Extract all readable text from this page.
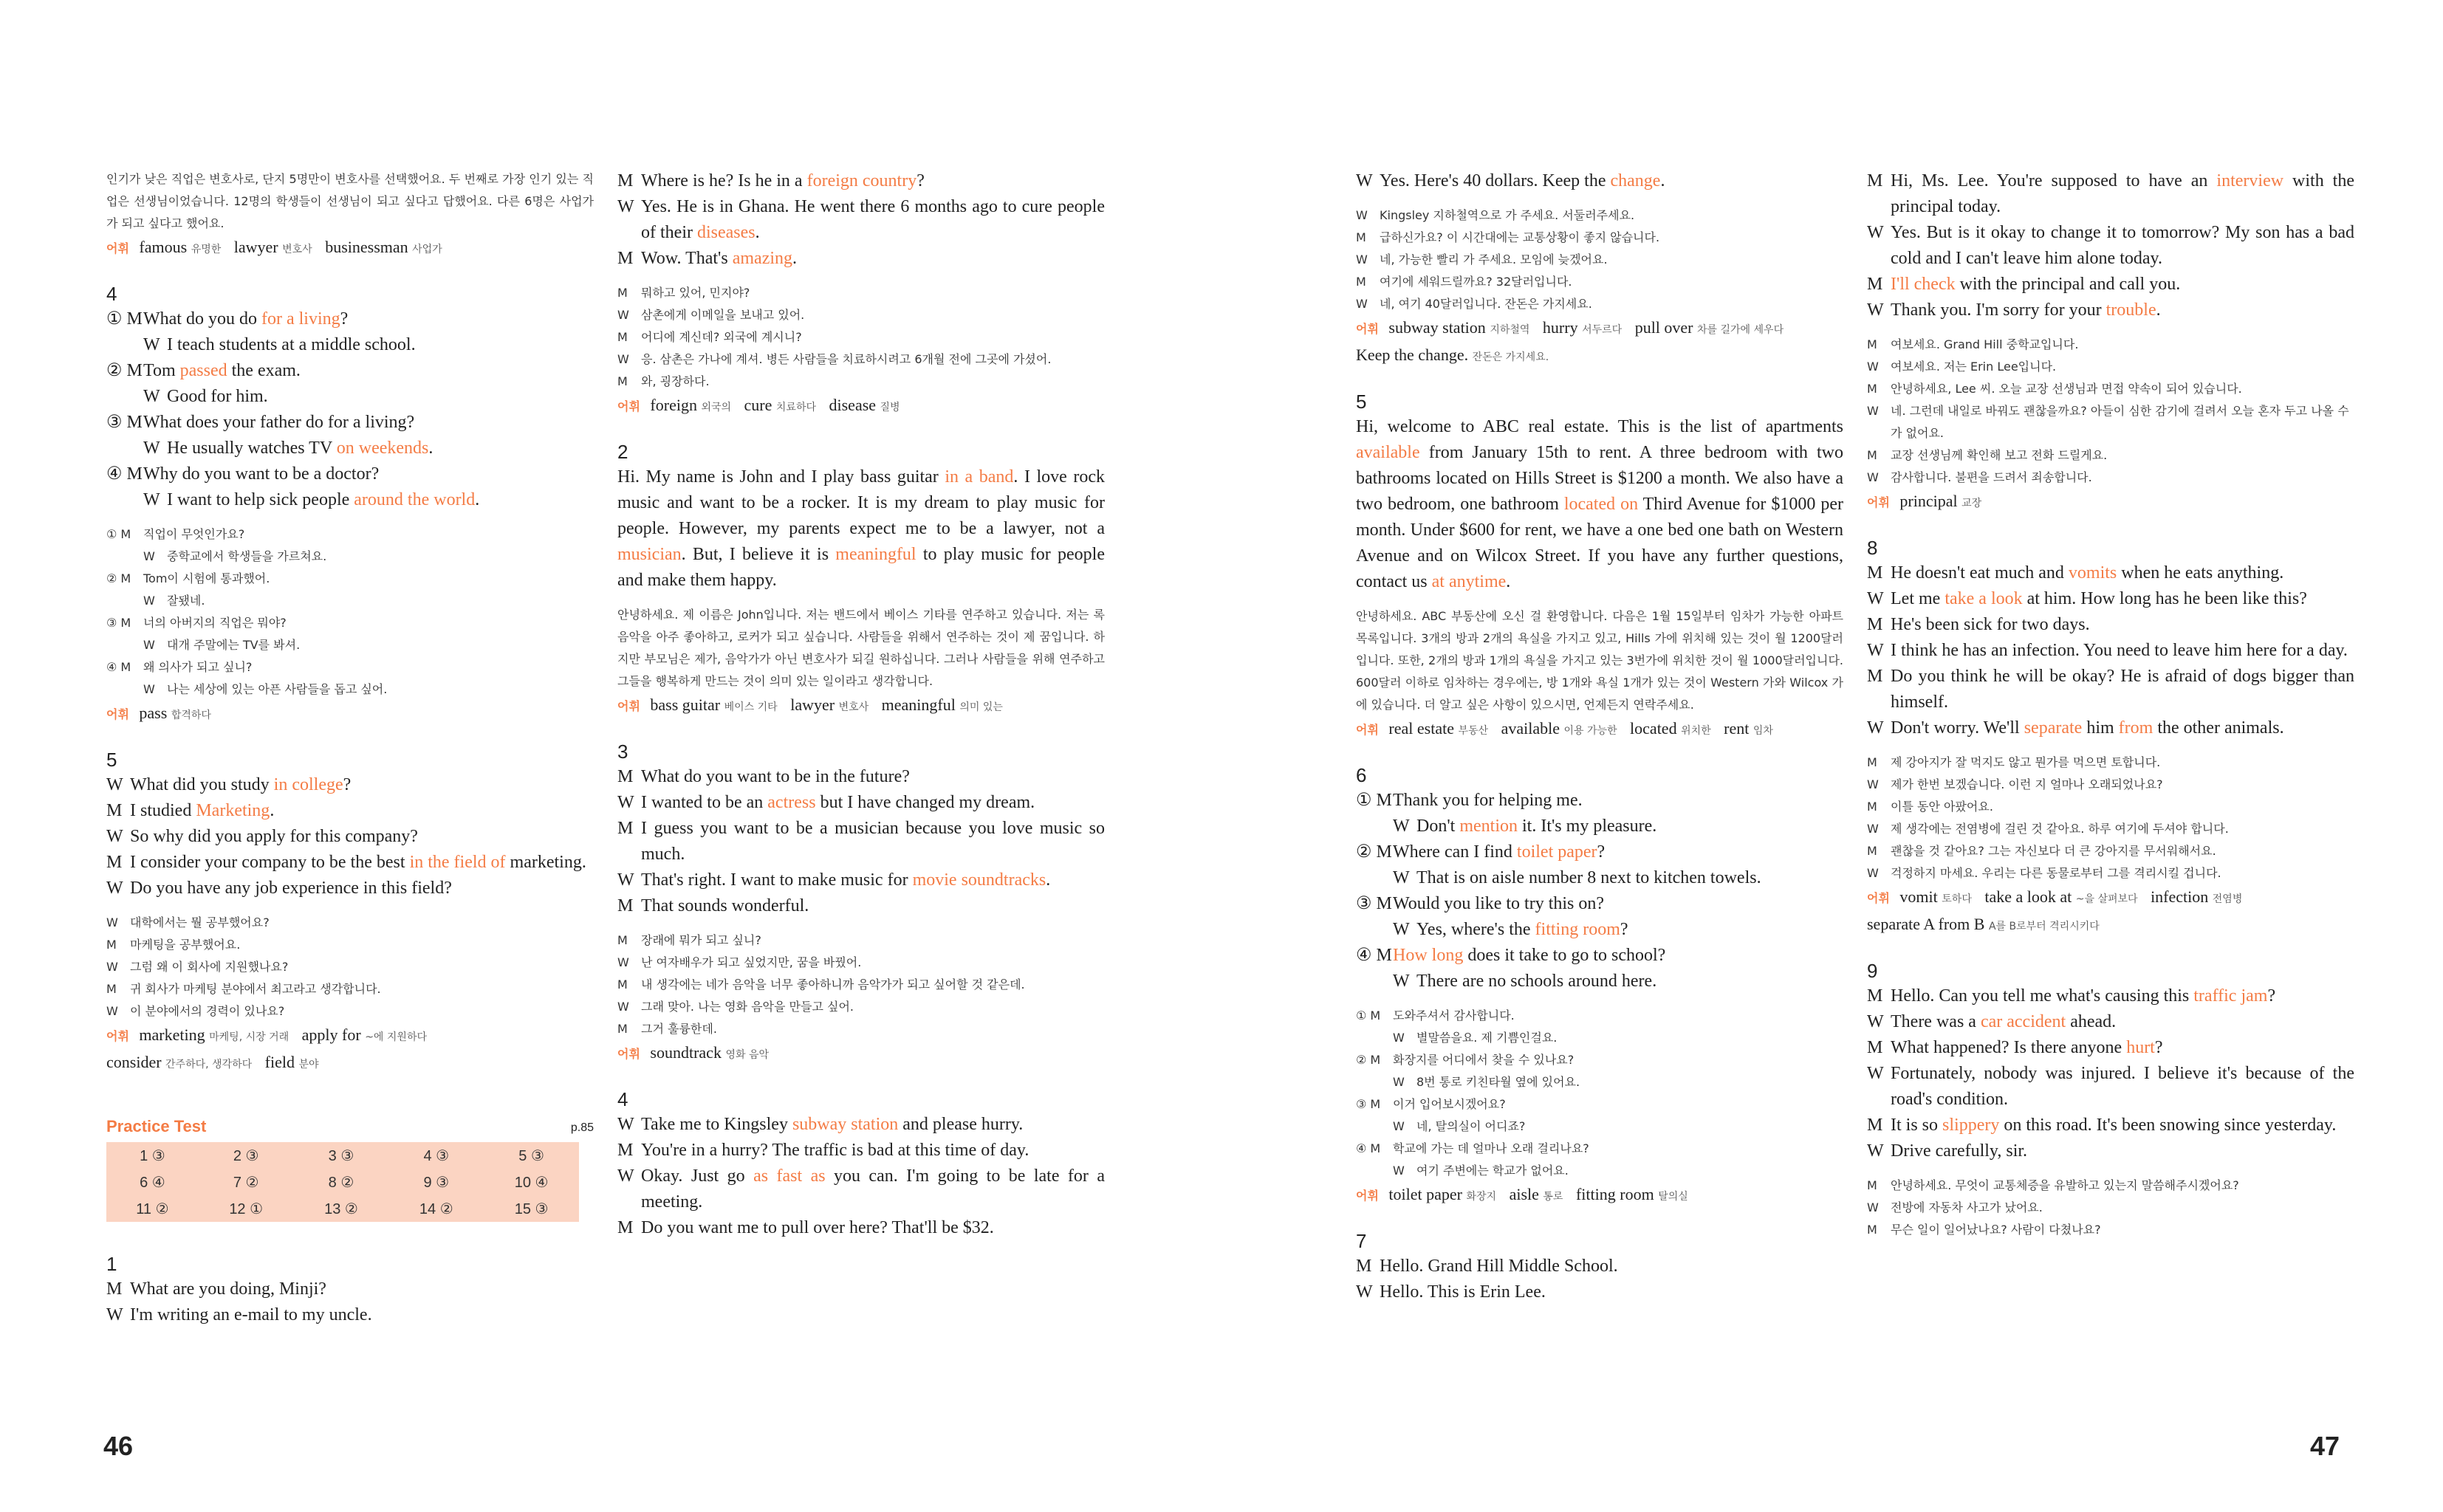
인기가 낮은 직업은 변호사로, 단지 5명만이 변호사를 선택했어요. 두 번째로 가장 인기 있는 직업은 선생님이었습니다. 12명의 학생들이 선생님이 되고 싶다고 답했어요. 다른 6명은 사업가가 되고 싶다고 했어요.
어휘 famous 유명한 lawyer 변호사 businessman 사업가
4
① M What do you do for a living?
W I teach students at a middle school.
② M Tom passed the exam.
W Good for him.
③ M What does your father do for a living?
W He usually watches TV on weekends.
④ M Why do you want to be a doctor?
W I want to help sick people around the world.
① M	직업이 무엇인가요?
W	중학교에서 학생들을 가르쳐요.
② M	Tom이 시험에 통과했어.
W	잘됐네.
③ M	너의 아버지의 직업은 뭐야?
W	대개 주말에는 TV를 봐셔.
④ M	왜 의사가 되고 싶니?
W	나는 세상에 있는 아픈 사람들을 돕고 싶어.
어휘 pass 합격하다
5
W What did you study in college?
M I studied Marketing.
W So why did you apply for this company?
M I consider your company to be the best in the field of marketing.
W Do you have any job experience in this field?
W	대학에서는 뭘 공부했어요?
M	마케팅을 공부했어요.
W	그럼 왜 이 회사에 지원했나요?
M	귀 회사가 마케팅 분야에서 최고라고 생각합니다.
W	이 분야에서의 경력이 있나요?
어휘 marketing 마케팅, 시장 거래 apply for ~에 지원하다
consider 간주하다, 생각하다 field 분야
Practice Test	p.85
1 ③	2 ③	3 ③	4 ③	5 ③
6 ④	7 ②	8 ②	9 ③	10 ④
11 ②	12 ①	13 ②	14 ②	15 ③
1
M What are you doing, Minji?
W I'm writing an e-mail to my uncle.
M Where is he? Is he in a foreign country?
W Yes. He is in Ghana. He went there 6 months ago to cure people of their diseases.
M Wow. That's amazing.
M	뭐하고 있어, 민지야?
W	삼촌에게 이메일을 보내고 있어.
M	어디에 계신데? 외국에 계시니?
W	응. 삼촌은 가나에 계셔. 병든 사람들을 치료하시려고 6개월 전에 그곳에 가셨어.
M	와, 굉장하다.
어휘 foreign 외국의 cure 치료하다 disease 질병
2
Hi. My name is John and I play bass guitar in a band. I love rock music and want to be a rocker. It is my dream to play music for people. However, my parents expect me to be a lawyer, not a musician. But, I believe it is meaningful to play music for people and make them happy.
안녕하세요. 제 이름은 John입니다. 저는 밴드에서 베이스 기타를 연주하고 있습니다. 저는 록 음악을 아주 좋아하고, 로커가 되고 싶습니다. 사람들을 위해서 연주하는 것이 제 꿈입니다. 하지만 부모님은 제가, 음악가가 아닌 변호사가 되길 원하십니다. 그러나 사람들을 위해 연주하고 그들을 행복하게 만드는 것이 의미 있는 일이라고 생각합니다.
어휘 bass guitar 베이스 기타 lawyer 변호사 meaningful 의미 있는
3
M What do you want to be in the future?
W I wanted to be an actress but I have changed my dream.
M I guess you want to be a musician because you love music so much.
W That's right. I want to make music for movie soundtracks.
M That sounds wonderful.
M	장래에 뭐가 되고 싶니?
W	난 여자배우가 되고 싶었지만, 꿈을 바꿨어.
M	내 생각에는 네가 음악을 너무 좋아하니까 음악가가 되고 싶어할 것 같은데.
W	그래 맞아. 나는 영화 음악을 만들고 싶어.
M	그거 훌륭한데.
어휘 soundtrack 영화 음악
4
W Take me to Kingsley subway station and please hurry.
M You're in a hurry? The traffic is bad at this time of day.
W Okay. Just go as fast as you can. I'm going to be late for a meeting.
M Do you want me to pull over here? That'll be $32.
W Yes. Here's 40 dollars. Keep the change.
W	Kingsley 지하철역으로 가 주세요. 서둘러주세요.
M	급하신가요? 이 시간대에는 교통상황이 좋지 않습니다.
W	네, 가능한 빨리 가 주세요. 모임에 늦겠어요.
M	여기에 세워드릴까요? 32달러입니다.
W	네, 여기 40달러입니다. 잔돈은 가지세요.
어휘 subway station 지하철역 hurry 서두르다 pull over 차를 길가에 세우다
Keep the change. 잔돈은 가지세요.
5
Hi, welcome to ABC real estate. This is the list of apartments available from January 15th to rent. A three bedroom with two bathrooms located on Hills Street is $1200 a month. We also have a two bedroom, one bathroom located on Third Avenue for $1000 per month. Under $600 for rent, we have a one bed one bath on Western Avenue and on Wilcox Street. If you have any further questions, contact us at anytime.
안녕하세요. ABC 부동산에 오신 걸 환영합니다. 다음은 1월 15일부터 임차가 가능한 아파트 목록입니다. 3개의 방과 2개의 욕실을 가지고 있고, Hills 가에 위치해 있는 것이 월 1200달러입니다. 또한, 2개의 방과 1개의 욕실을 가지고 있는 3번가에 위치한 것이 월 1000달러입니다. 600달러 이하로 임차하는 경우에는, 방 1개와 욕실 1개가 있는 것이 Western 가와 Wilcox 가에 있습니다. 더 알고 싶은 사항이 있으시면, 언제든지 연락주세요.
어휘 real estate 부동산 available 이용 가능한 located 위치한 rent 임차
6
① M Thank you for helping me.
W Don't mention it. It's my pleasure.
② M Where can I find toilet paper?
W That is on aisle number 8 next to kitchen towels.
③ M Would you like to try this on?
W Yes, where's the fitting room?
④ M How long does it take to go to school?
W There are no schools around here.
① M	도와주셔서 감사합니다.
W	별말씀을요. 제 기쁨인걸요.
② M	화장지를 어디에서 찾을 수 있나요?
W	8번 통로 키친타월 옆에 있어요.
③ M	이거 입어보시겠어요?
W	네, 탈의실이 어디죠?
④ M	학교에 가는 데 얼마나 오래 걸리나요?
W	여기 주변에는 학교가 없어요.
어휘 toilet paper 화장지 aisle 통로 fitting room 탈의실
7
M Hello. Grand Hill Middle School.
W Hello. This is Erin Lee.
M Hi, Ms. Lee. You're supposed to have an interview with the principal today.
W Yes. But is it okay to change it to tomorrow? My son has a bad cold and I can't leave him alone today.
M I'll check with the principal and call you.
W Thank you. I'm sorry for your trouble.
M	여보세요. Grand Hill 중학교입니다.
W	여보세요. 저는 Erin Lee입니다.
M	안녕하세요, Lee 씨. 오늘 교장 선생님과 면접 약속이 되어 있습니다.
W	네. 그런데 내일로 바꿔도 괜찮을까요? 아들이 심한 감기에 걸려서 오늘 혼자 두고 나올 수가 없어요.
M	교장 선생님께 확인해 보고 전화 드릴게요.
W	감사합니다. 불편을 드려서 죄송합니다.
어휘 principal 교장
8
M He doesn't eat much and vomits when he eats anything.
W Let me take a look at him. How long has he been like this?
M He's been sick for two days.
W I think he has an infection. You need to leave him here for a day.
M Do you think he will be okay? He is afraid of dogs bigger than himself.
W Don't worry. We'll separate him from the other animals.
M	제 강아지가 잘 먹지도 않고 뭔가를 먹으면 토합니다.
W	제가 한번 보겠습니다. 이런 지 얼마나 오래되었나요?
M	이틀 동안 아팠어요.
W	제 생각에는 전염병에 걸린 것 같아요. 하루 여기에 두셔야 합니다.
M	괜찮을 것 같아요? 그는 자신보다 더 큰 강아지를 무서워해서요.
W	걱정하지 마세요. 우리는 다른 동물로부터 그를 격리시킬 겁니다.
어휘 vomit 토하다 take a look at ~을 살펴보다 infection 전염병
separate A from B A를 B로부터 격리시키다
9
M Hello. Can you tell me what's causing this traffic jam?
W There was a car accident ahead.
M What happened? Is there anyone hurt?
W Fortunately, nobody was injured. I believe it's because of the road's condition.
M It is so slippery on this road. It's been snowing since yesterday.
W Drive carefully, sir.
M	안녕하세요. 무엇이 교통체증을 유발하고 있는지 말씀해주시겠어요?
W	전방에 자동차 사고가 났어요.
M	무슨 일이 일어났나요? 사람이 다쳤나요?
46	47
